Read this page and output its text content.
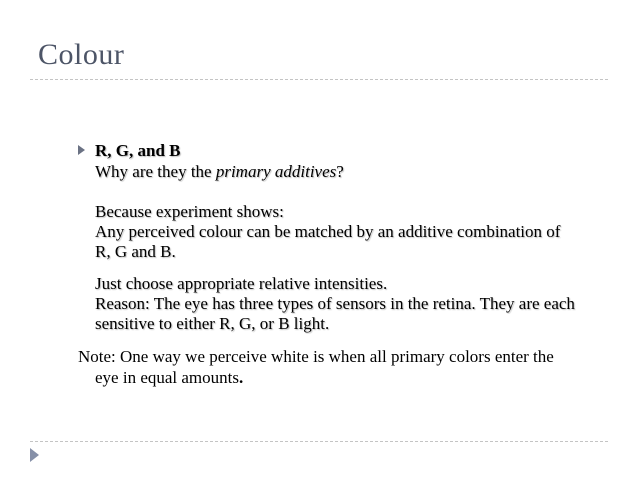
Colour
R, G, and B
Why are they the primary additives?
Because experiment shows:
Any perceived colour can be matched by an additive combination of
R, G and B.
Just choose appropriate relative intensities.
Reason: The eye has three types of sensors in the retina. They are each
sensitive to either R, G, or B light.
Note: One way we perceive white is when all primary colors enter the
eye in equal amounts.
